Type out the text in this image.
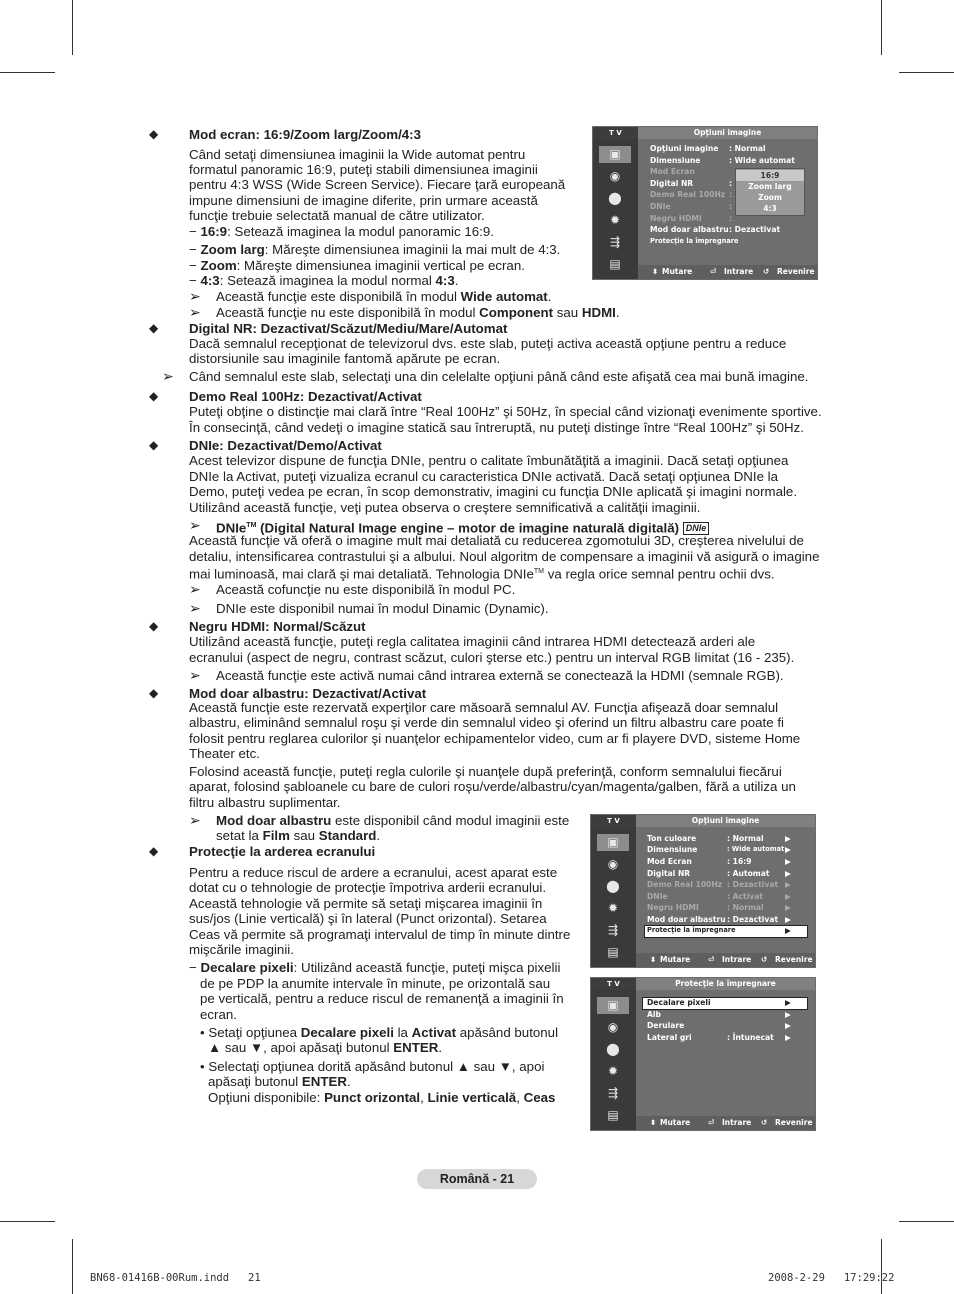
◆ Mod ecran: 16:9/Zoom larg/Zoom/4:3
Când setaţi dimensiunea imaginii la Wide automat pentru
formatul panoramic 16:9, puteţi stabili dimensiunea imaginii
pentru 4:3 WSS (Wide Screen Service). Fiecare ţară europeană
impune dimensiuni de imagine diferite, prin urmare această
funcţie trebuie selectată manual de către utilizator.
− 16:9: Setează imaginea la modul panoramic 16:9.
− Zoom larg: Măreşte dimensiunea imaginii la mai mult de 4:3.
− Zoom: Măreşte dimensiunea imaginii vertical pe ecran.
− 4:3: Setează imaginea la modul normal 4:3.
➢ Această funcţie este disponibilă în modul Wide automat.
➢ Această funcţie nu este disponibilă în modul Component sau HDMI.
◆ Digital NR: Dezactivat/Scăzut/Mediu/Mare/Automat
Dacă semnalul recepţionat de televizorul dvs. este slab, puteţi activa această opţiune pentru a reduce
distorsiunile sau imaginile fantomă apărute pe ecran.
➢ Când semnalul este slab, selectaţi una din celelalte opţiuni până când este afişată cea mai bună imagine.
◆ Demo Real 100Hz: Dezactivat/Activat
Puteţi obţine o distincţie mai clară între “Real 100Hz” şi 50Hz, în special când vizionaţi evenimente sportive.
În consecinţă, când vedeţi o imagine statică sau întreruptă, nu puteţi distinge între “Real 100Hz” şi 50Hz.
◆ DNIe: Dezactivat/Demo/Activat
Acest televizor dispune de funcţia DNIe, pentru o calitate îmbunătăţită a imaginii. Dacă setaţi opţiunea
DNIe la Activat, puteţi vizualiza ecranul cu caracteristica DNIe activată. Dacă setaţi opţiunea DNIe la
Demo, puteţi vedea pe ecran, în scop demonstrativ, imagini cu funcţia DNIe aplicată şi imagini normale.
Utilizând această funcţie, veţi putea observa o creştere semnificativă a calităţii imaginii.
➢ DNIe™ (Digital Natural Image engine – motor de imagine naturală digitală) DNIe
Această funcţie vă oferă o imagine mult mai detaliată cu reducerea zgomotului 3D, creşterea nivelului de
detaliu, intensificarea contrastului şi a albului. Noul algoritm de compensare a imaginii vă asigură o imagine
mai luminoasă, mai clară şi mai detaliată. Tehnologia DNIe™ va regla orice semnal pentru ochii dvs.
➢ Această cofuncţie nu este disponibilă în modul PC.
➢ DNIe este disponibil numai în modul Dinamic (Dynamic).
◆ Negru HDMI: Normal/Scăzut
Utilizând această funcţie, puteţi regla calitatea imaginii când intrarea HDMI detectează arderi ale
ecranului (aspect de negru, contrast scăzut, culori şterse etc.) pentru un interval RGB limitat (16 - 235).
➢ Această funcţie este activă numai când intrarea externă se conectează la HDMI (semnale RGB).
◆ Mod doar albastru: Dezactivat/Activat
Această funcţie este rezervată experţilor care măsoară semnalul AV. Funcţia afişează doar semnalul
albastru, eliminând semnalul roşu şi verde din semnalul video şi oferind un filtru albastru care poate fi
folosit pentru reglarea culorilor şi nuanţelor echipamentelor video, cum ar fi playere DVD, sisteme Home
Theater etc.
Folosind această funcţie, puteţi regla culorile şi nuanţele după preferinţă, conform semnalului fiecărui
aparat, folosind şabloanele cu bare de culori roşu/verde/albastru/cyan/magenta/galben, fără a utiliza un
filtru albastru suplimentar.
➢ Mod doar albastru este disponibil când modul imaginii este
setat la Film sau Standard.
◆ Protecţie la arderea ecranului
Pentru a reduce riscul de ardere a ecranului, acest aparat este
dotat cu o tehnologie de protecţie împotriva arderii ecranului.
Această tehnologie vă permite să setaţi mişcarea imaginii în
sus/jos (Linie verticală) şi în lateral (Punct orizontal). Setarea
Ceas vă permite să programaţi intervalul de timp în minute dintre
mişcările imaginii.
− Decalare pixeli: Utilizând această funcţie, puteţi mişca pixelii
de pe PDP la anumite intervale în minute, pe orizontală sau
pe verticală, pentru a reduce riscul de remanenţă a imaginii în
ecran.
• Setaţi opţiunea Decalare pixeli la Activat apăsând butonul
▲ sau ▼, apoi apăsaţi butonul ENTER.
• Selectaţi opţiunea dorită apăsând butonul ▲ sau ▼, apoi
apăsaţi butonul ENTER.
Opţiuni disponibile: Punct orizontal, Linie verticală, Ceas
T V	Opţiuni imagine
▣
◉
⬤
✹
⇶
▤
Opţiuni imagine : Normal
Dimensiune	: Wide automat
Mod Ecran
Digital NR	:
Demo Real 100Hz :
DNIe	:
Negru HDMI	:
Mod doar albastru : Dezactivat
Protecţie la împregnare
16:9
Zoom larg
Zoom
4:3
⬍ Mutare ⏎ Intrare ↺ Revenire
T V	Opţiuni imagine
▣
◉
⬤
✹
⇶
▤
Ton culoare	: Normal
Dimensiune	: Wide automat
Mod Ecran	: 16:9
Digital NR	: Automat
Demo Real 100Hz : Dezactivat
DNIe	: Activat
Negru HDMI	: Normal
Mod doar albastru : Dezactivat
Protecţie la împregnare
▶
▶
▶
▶
▶
▶
▶
▶
▶
⬍ Mutare ⏎ Intrare ↺ Revenire
T V	Protecţie la împregnare
▣
◉
⬤
✹
⇶
▤
Decalare pixeli
Alb
Derulare
Lateral gri	: Întunecat
▶
▶
▶
▶
⬍ Mutare ⏎ Intrare ↺ Revenire
Română - 21
BN68-01416B-00Rum.indd   21	2008-2-29   17:29:22
